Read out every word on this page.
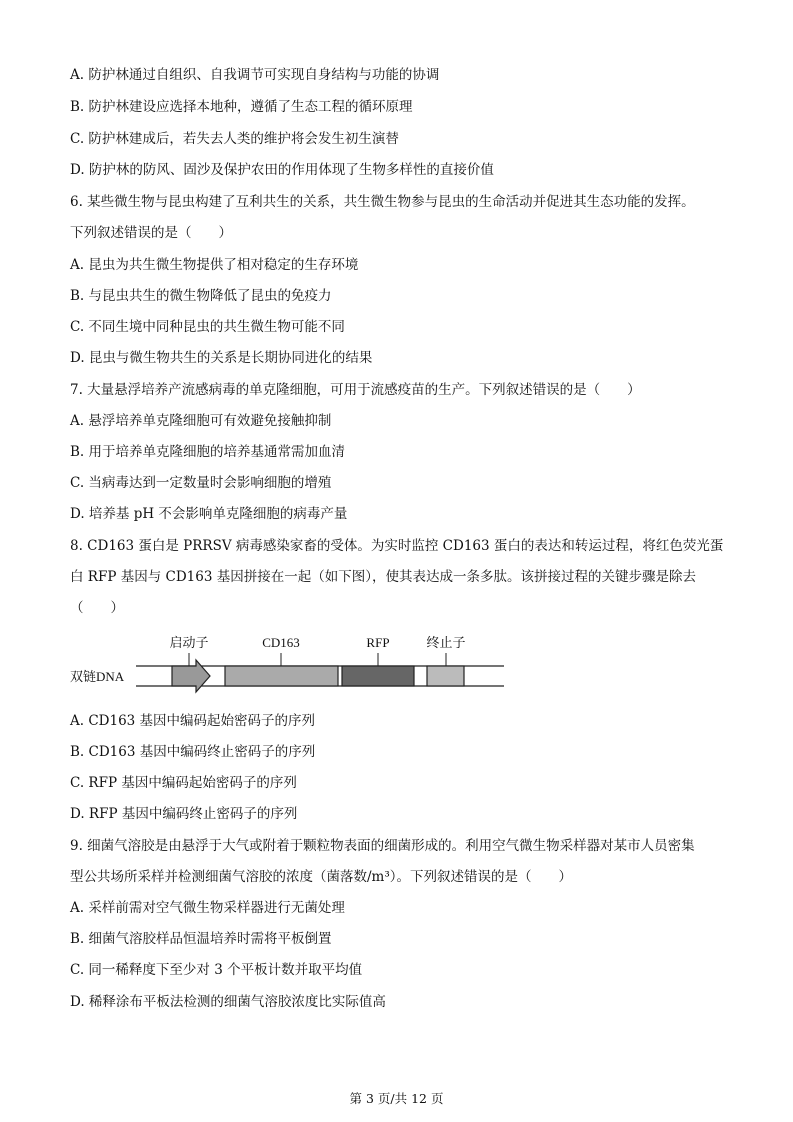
A. 防护林通过自组织、自我调节可实现自身结构与功能的协调
B. 防护林建设应选择本地种，遵循了生态工程的循环原理
C. 防护林建成后，若失去人类的维护将会发生初生演替
D. 防护林的防风、固沙及保护农田的作用体现了生物多样性的直接价值
6. 某些微生物与昆虫构建了互利共生的关系，共生微生物参与昆虫的生命活动并促进其生态功能的发挥。
下列叙述错误的是（　　）
A. 昆虫为共生微生物提供了相对稳定的生存环境
B. 与昆虫共生的微生物降低了昆虫的免疫力
C. 不同生境中同种昆虫的共生微生物可能不同
D. 昆虫与微生物共生的关系是长期协同进化的结果
7. 大量悬浮培养产流感病毒的单克隆细胞，可用于流感疫苗的生产。下列叙述错误的是（　　）
A. 悬浮培养单克隆细胞可有效避免接触抑制
B. 用于培养单克隆细胞的培养基通常需加血清
C. 当病毒达到一定数量时会影响细胞的增殖
D. 培养基 pH 不会影响单克隆细胞的病毒产量
8. CD163 蛋白是 PRRSV 病毒感染家畜的受体。为实时监控 CD163 蛋白的表达和转运过程，将红色荧光蛋
白 RFP 基因与 CD163 基因拼接在一起（如下图），使其表达成一条多肽。该拼接过程的关键步骤是除去
（　　）
启动子	CD163	RFP	终止子
双链DNA
A. CD163 基因中编码起始密码子的序列
B. CD163 基因中编码终止密码子的序列
C. RFP 基因中编码起始密码子的序列
D. RFP 基因中编码终止密码子的序列
9. 细菌气溶胶是由悬浮于大气或附着于颗粒物表面的细菌形成的。利用空气微生物采样器对某市人员密集
型公共场所采样并检测细菌气溶胶的浓度（菌落数/m³）。下列叙述错误的是（　　）
A. 采样前需对空气微生物采样器进行无菌处理
B. 细菌气溶胶样品恒温培养时需将平板倒置
C. 同一稀释度下至少对 3 个平板计数并取平均值
D. 稀释涂布平板法检测的细菌气溶胶浓度比实际值高
第 3 页/共 12 页
